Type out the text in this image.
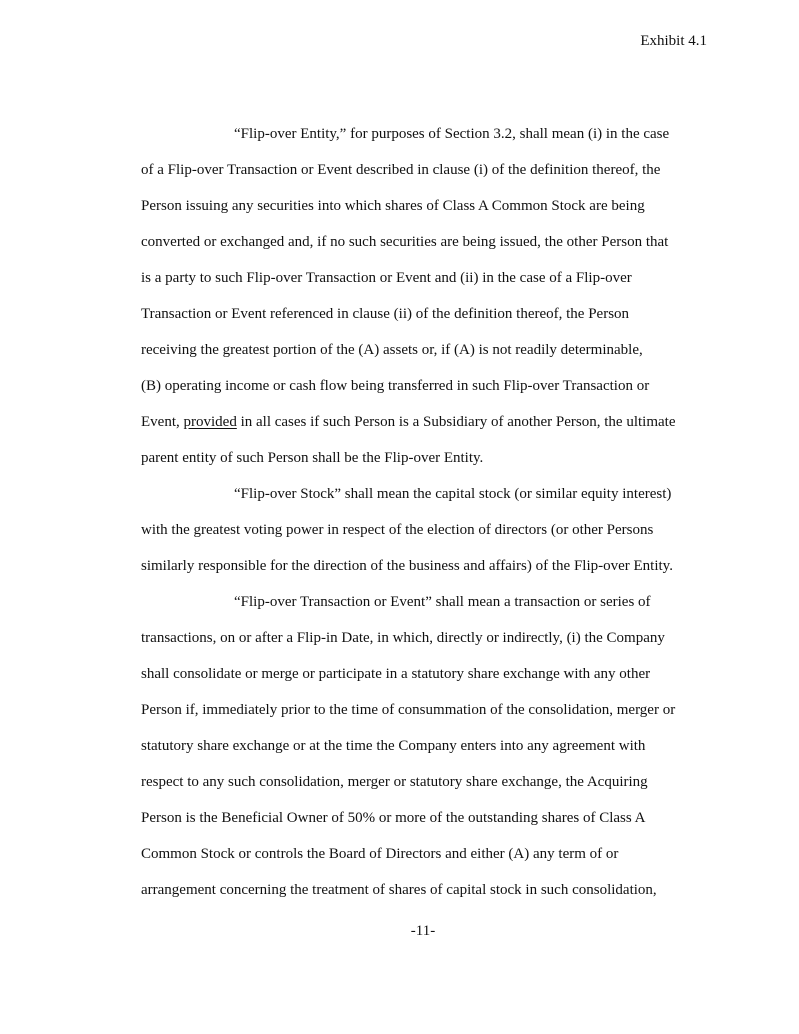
Exhibit 4.1
“Flip-over Entity,” for purposes of Section 3.2, shall mean (i) in the case
of a Flip-over Transaction or Event described in clause (i) of the definition thereof, the
Person issuing any securities into which shares of Class A Common Stock are being
converted or exchanged and, if no such securities are being issued, the other Person that
is a party to such Flip-over Transaction or Event and (ii) in the case of a Flip-over
Transaction or Event referenced in clause (ii) of the definition thereof, the Person
receiving the greatest portion of the (A) assets or, if (A) is not readily determinable,
(B) operating income or cash flow being transferred in such Flip-over Transaction or
Event, provided in all cases if such Person is a Subsidiary of another Person, the ultimate
parent entity of such Person shall be the Flip-over Entity.
“Flip-over Stock” shall mean the capital stock (or similar equity interest)
with the greatest voting power in respect of the election of directors (or other Persons
similarly responsible for the direction of the business and affairs) of the Flip-over Entity.
“Flip-over Transaction or Event” shall mean a transaction or series of
transactions, on or after a Flip-in Date, in which, directly or indirectly, (i) the Company
shall consolidate or merge or participate in a statutory share exchange with any other
Person if, immediately prior to the time of consummation of the consolidation, merger or
statutory share exchange or at the time the Company enters into any agreement with
respect to any such consolidation, merger or statutory share exchange, the Acquiring
Person is the Beneficial Owner of 50% or more of the outstanding shares of Class A
Common Stock or controls the Board of Directors and either (A) any term of or
arrangement concerning the treatment of shares of capital stock in such consolidation,
-11-
